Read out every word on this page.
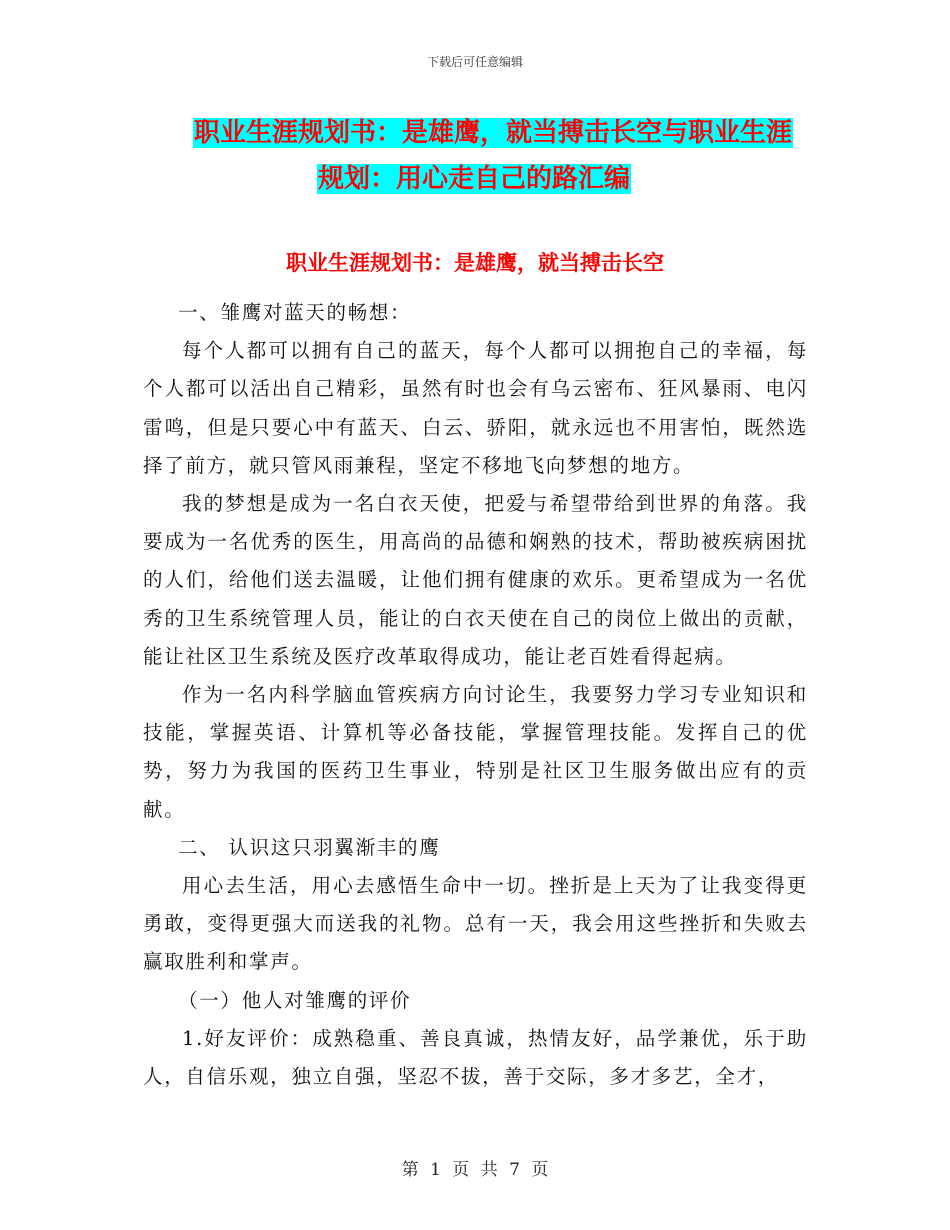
下载后可任意编辑
职业生涯规划书：是雄鹰，就当搏击长空与职业生涯
规划：用心走自己的路汇编
职业生涯规划书：是雄鹰，就当搏击长空

一、雏鹰对蓝天的畅想：

每个人都可以拥有自己的蓝天，每个人都可以拥抱自己的幸福，每个人都可以活出自己精彩，虽然有时也会有乌云密布、狂风暴雨、电闪雷鸣，但是只要心中有蓝天、白云、骄阳，就永远也不用害怕，既然选择了前方，就只管风雨兼程，坚定不移地飞向梦想的地方。

我的梦想是成为一名白衣天使，把爱与希望带给到世界的角落。我要成为一名优秀的医生，用高尚的品德和娴熟的技术，帮助被疾病困扰的人们，给他们送去温暖，让他们拥有健康的欢乐。更希望成为一名优秀的卫生系统管理人员，能让的白衣天使在自己的岗位上做出的贡献，能让社区卫生系统及医疗改革取得成功，能让老百姓看得起病。

作为一名内科学脑血管疾病方向讨论生，我要努力学习专业知识和技能，掌握英语、计算机等必备技能，掌握管理技能。发挥自己的优势，努力为我国的医药卫生事业，特别是社区卫生服务做出应有的贡献。

二、 认识这只羽翼渐丰的鹰

用心去生活，用心去感悟生命中一切。挫折是上天为了让我变得更勇敢，变得更强大而送我的礼物。总有一天，我会用这些挫折和失败去赢取胜利和掌声。

（一）他人对雏鹰的评价

1.好友评价：成熟稳重、善良真诚，热情友好，品学兼优，乐于助人，自信乐观，独立自强，坚忍不拔，善于交际，多才多艺，全才，

第 1 页 共 7 页
